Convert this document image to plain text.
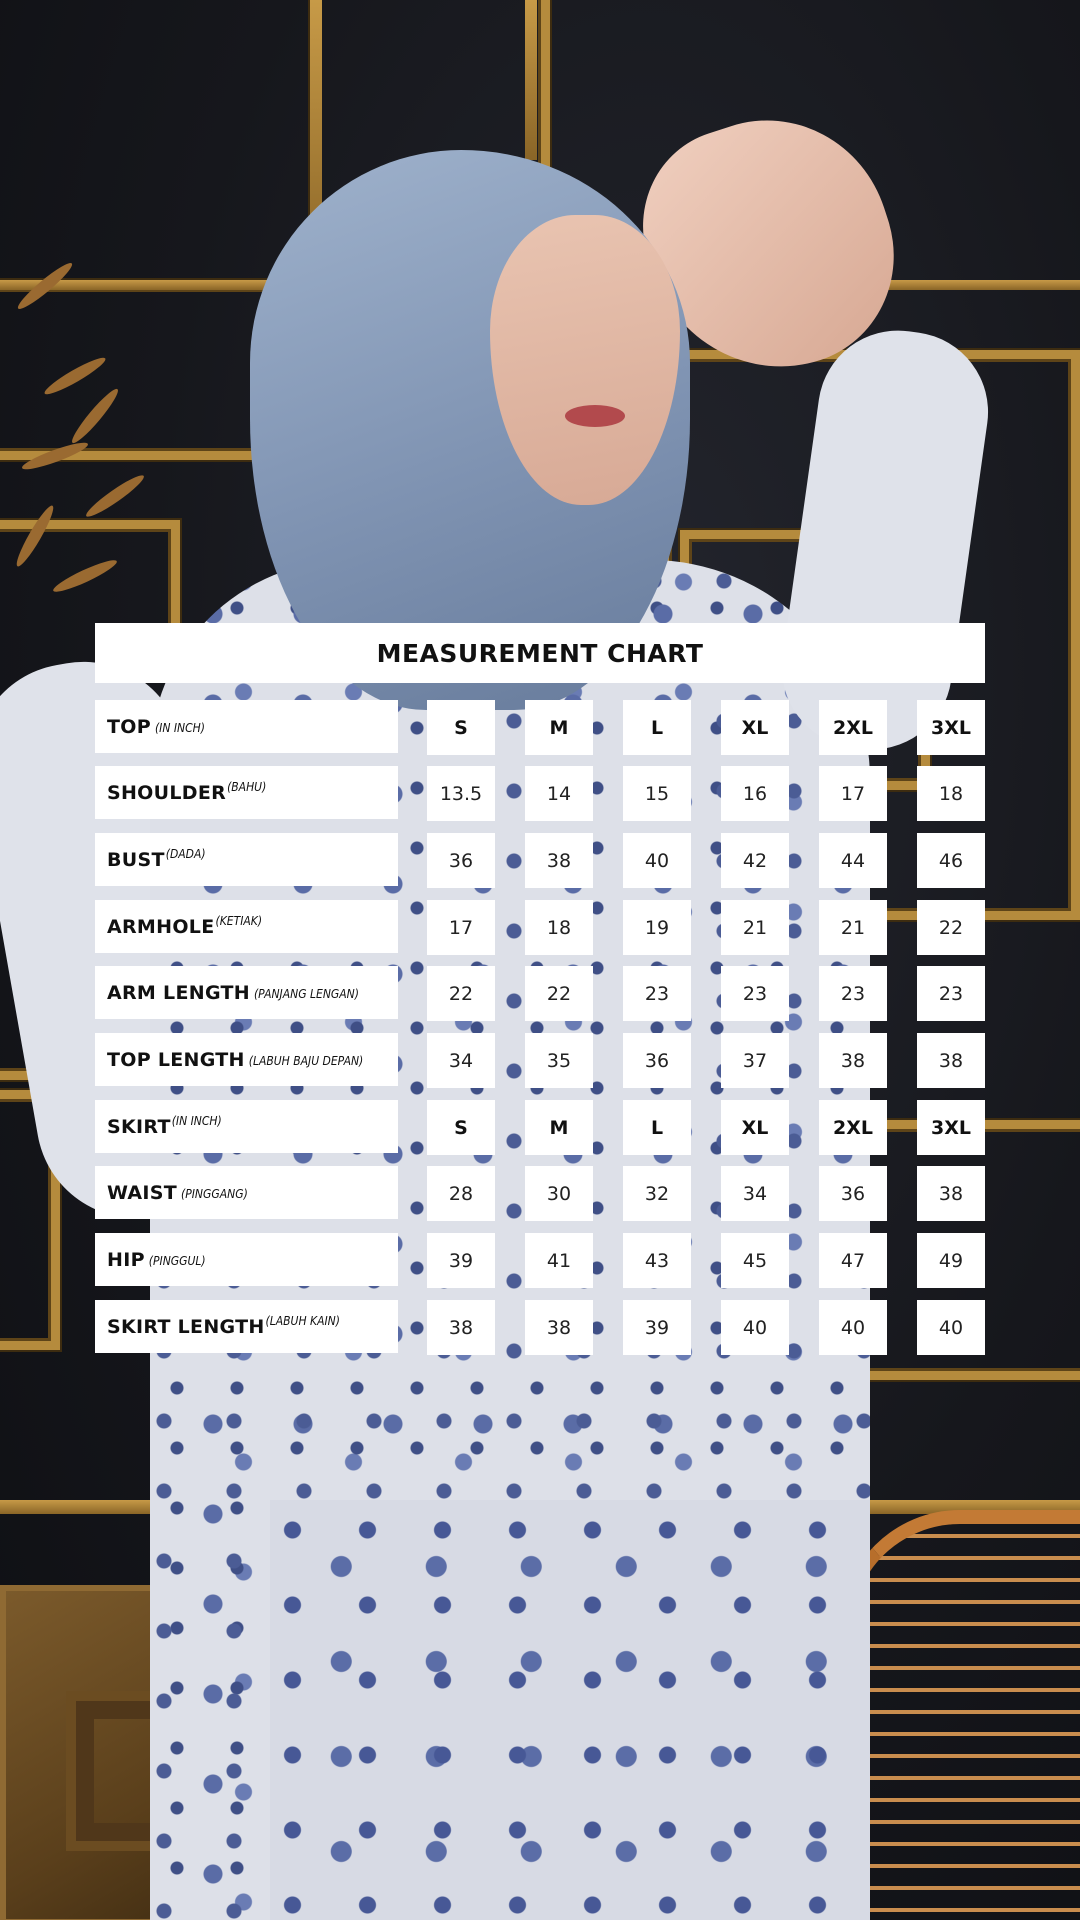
MEASUREMENT CHART
TOP (IN INCH)	S	M	L	XL	2XL	3XL
SHOULDER (BAHU)	13.5	14	15	16	17	18
BUST (DADA)	36	38	40	42	44	46
ARMHOLE (KETIAK)	17	18	19	21	21	22
ARM LENGTH (PANJANG LENGAN)	22	22	23	23	23	23
TOP LENGTH (LABUH BAJU DEPAN)	34	35	36	37	38	38
SKIRT (IN INCH)	S	M	L	XL	2XL	3XL
WAIST (PINGGANG)	28	30	32	34	36	38
HIP (PINGGUL)	39	41	43	45	47	49
SKIRT LENGTH (LABUH KAIN)	38	38	39	40	40	40
